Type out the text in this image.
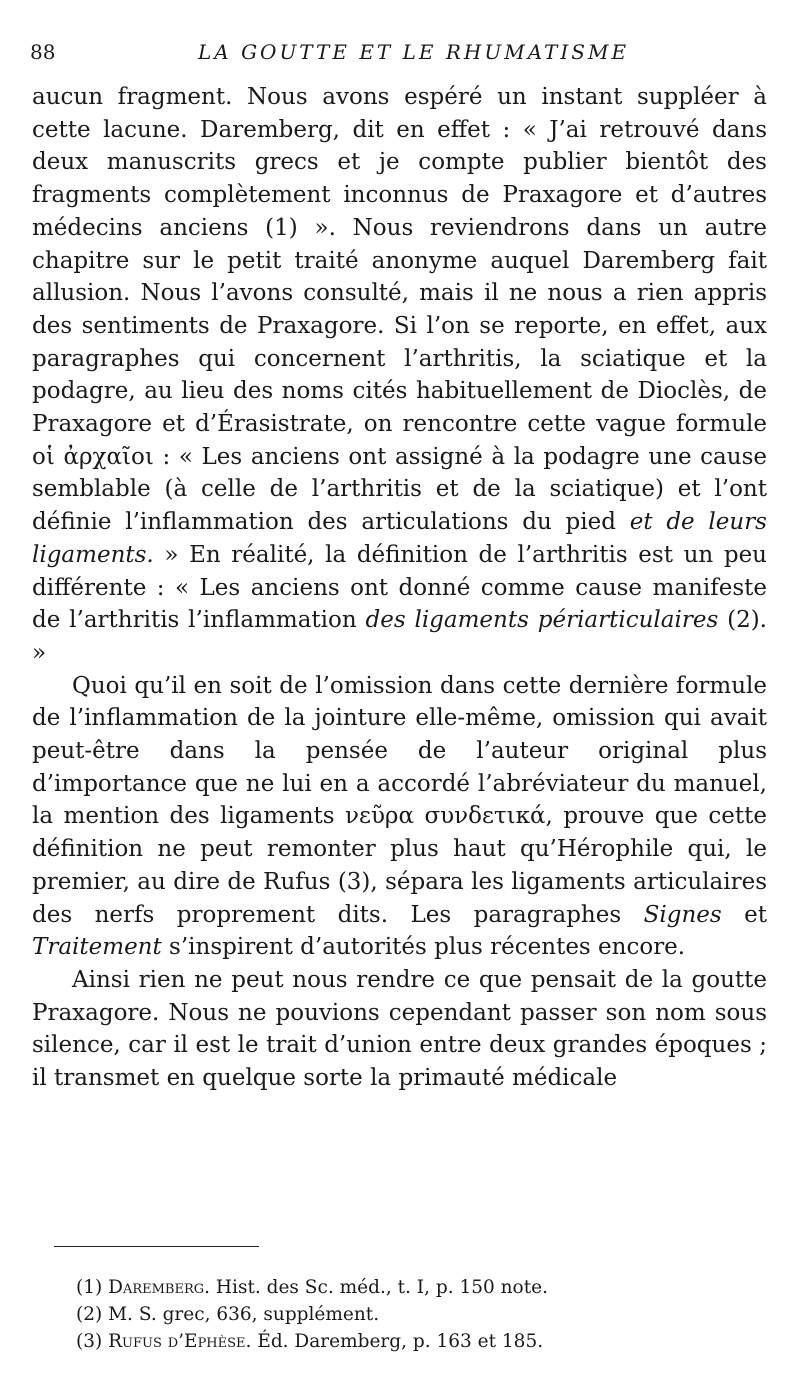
88	LA GOUTTE ET LE RHUMATISME

aucun fragment. Nous avons espéré un instant suppléer à cette lacune. Daremberg, dit en effet : « J’ai retrouvé dans deux manuscrits grecs et je compte publier bientôt des fragments complètement inconnus de Praxagore et d’autres médecins anciens (1) ». Nous reviendrons dans un autre chapitre sur le petit traité anonyme auquel Daremberg fait allusion. Nous l’avons consulté, mais il ne nous a rien appris des sentiments de Praxagore. Si l’on se reporte, en effet, aux paragraphes qui concernent l’arthritis, la sciatique et la podagre, au lieu des noms cités habituellement de Dioclès, de Praxagore et d’Érasistrate, on rencontre cette vague formule οἱ ἀρχαῖοι : « Les anciens ont assigné à la podagre une cause semblable (à celle de l’arthritis et de la sciatique) et l’ont définie l’inflammation des articulations du pied et de leurs ligaments. » En réalité, la définition de l’arthritis est un peu différente : « Les anciens ont donné comme cause manifeste de l’arthritis l’inflammation des ligaments périarticulaires (2). »

Quoi qu’il en soit de l’omission dans cette dernière formule de l’inflammation de la jointure elle-même, omission qui avait peut-être dans la pensée de l’auteur original plus d’importance que ne lui en a accordé l’abréviateur du manuel, la mention des ligaments νεῦρα συνδετικά, prouve que cette définition ne peut remonter plus haut qu’Hérophile qui, le premier, au dire de Rufus (3), sépara les ligaments articulaires des nerfs proprement dits. Les paragraphes Signes et Traitement s’inspirent d’autorités plus récentes encore.

Ainsi rien ne peut nous rendre ce que pensait de la goutte Praxagore. Nous ne pouvions cependant passer son nom sous silence, car il est le trait d’union entre deux grandes époques ; il transmet en quelque sorte la primauté médicale

(1) Daremberg. Hist. des Sc. méd., t. I, p. 150 note.
(2) M. S. grec, 636, supplément.
(3) Rufus d’Ephèse. Éd. Daremberg, p. 163 et 185.
